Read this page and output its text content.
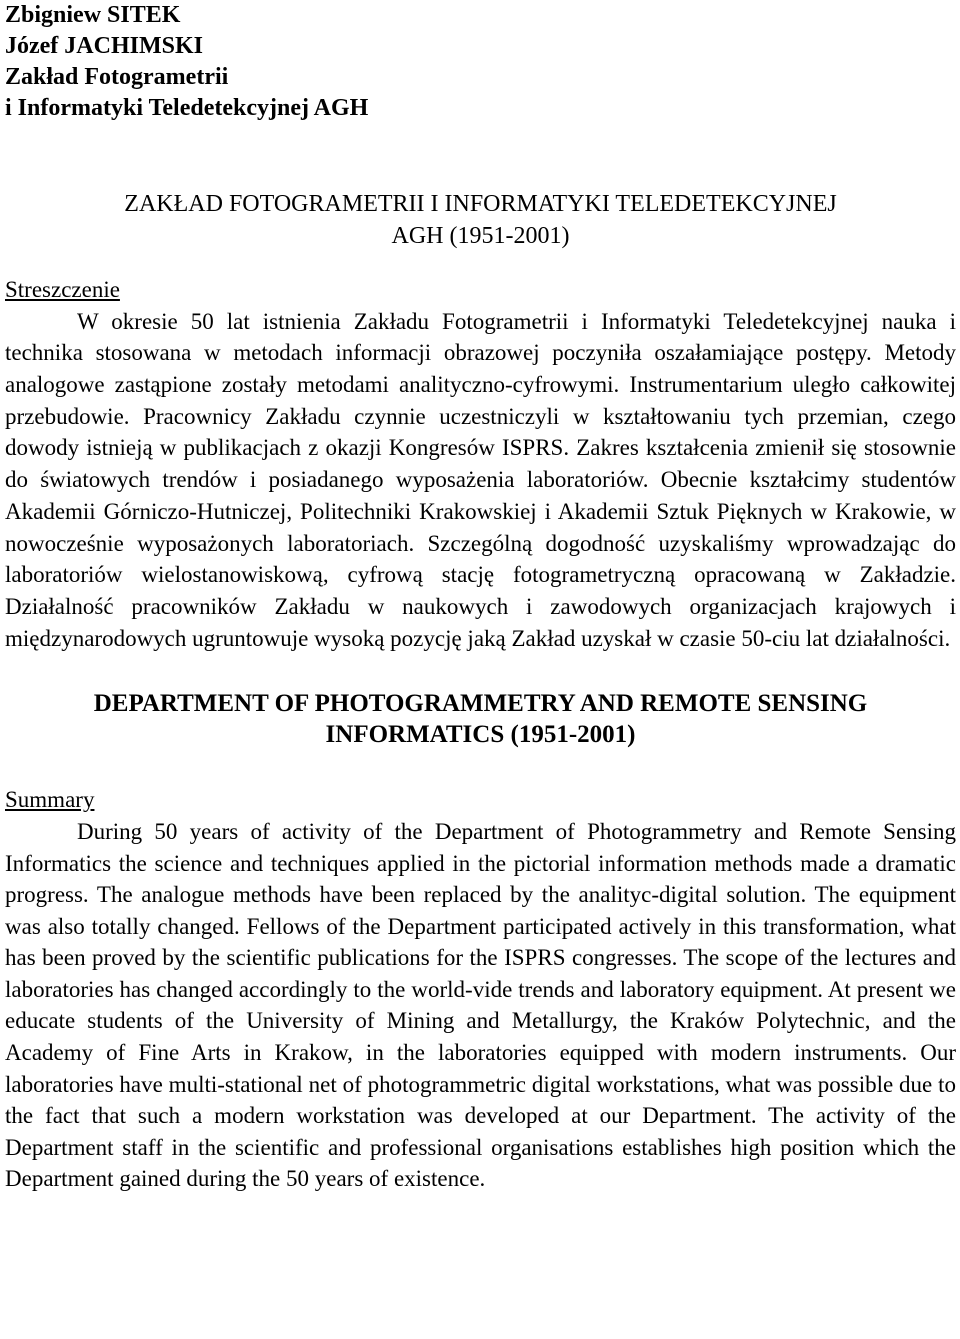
Zbigniew SITEK
Józef JACHIMSKI
Zakład Fotogrametrii
i Informatyki Teledetekcyjnej AGH
ZAKŁAD FOTOGRAMETRII I INFORMATYKI TELEDETEKCYJNEJ
AGH (1951-2001)
Streszczenie
W okresie 50 lat istnienia Zakładu Fotogrametrii i Informatyki Teledetekcyjnej nauka i technika stosowana w metodach informacji obrazowej poczyniła oszałamiające postępy. Metody analogowe zastąpione zostały metodami analityczno-cyfrowymi. Instrumentarium uległo całkowitej przebudowie. Pracownicy Zakładu czynnie uczestniczyli w kształtowaniu tych przemian, czego dowody istnieją w publikacjach z okazji Kongresów ISPRS. Zakres kształcenia zmienił się stosownie do światowych trendów i posiadanego wyposażenia laboratoriów. Obecnie kształcimy studentów Akademii Górniczo-Hutniczej, Politechniki Krakowskiej i Akademii Sztuk Pięknych w Krakowie, w nowocześnie wyposażonych laboratoriach. Szczególną dogodność uzyskaliśmy wprowadzając do laboratoriów wielostanowiskową, cyfrową stację fotogrametryczną opracowaną w Zakładzie. Działalność pracowników Zakładu w naukowych i zawodowych organizacjach krajowych i międzynarodowych ugruntowuje wysoką pozycję jaką Zakład uzyskał w czasie 50-ciu lat działalności.
DEPARTMENT OF PHOTOGRAMMETRY AND REMOTE SENSING
INFORMATICS (1951-2001)
Summary
During 50 years of activity of the Department of Photogrammetry and Remote Sensing Informatics the science and techniques applied in the pictorial information methods made a dramatic progress. The analogue methods have been replaced by the analityc-digital solution. The equipment was also totally changed. Fellows of the Department participated actively in this transformation, what has been proved by the scientific publications for the ISPRS congresses. The scope of the lectures and laboratories has changed accordingly to the world-vide trends and laboratory equipment. At present we educate students of the University of Mining and Metallurgy, the Kraków Polytechnic, and the Academy of Fine Arts in Krakow, in the laboratories equipped with modern instruments. Our laboratories have multi-stational net of photogrammetric digital workstations, what was possible due to the fact that such a modern workstation was developed at our Department. The activity of the Department staff in the scientific and professional organisations establishes high position which the Department gained during the 50 years of existence.
